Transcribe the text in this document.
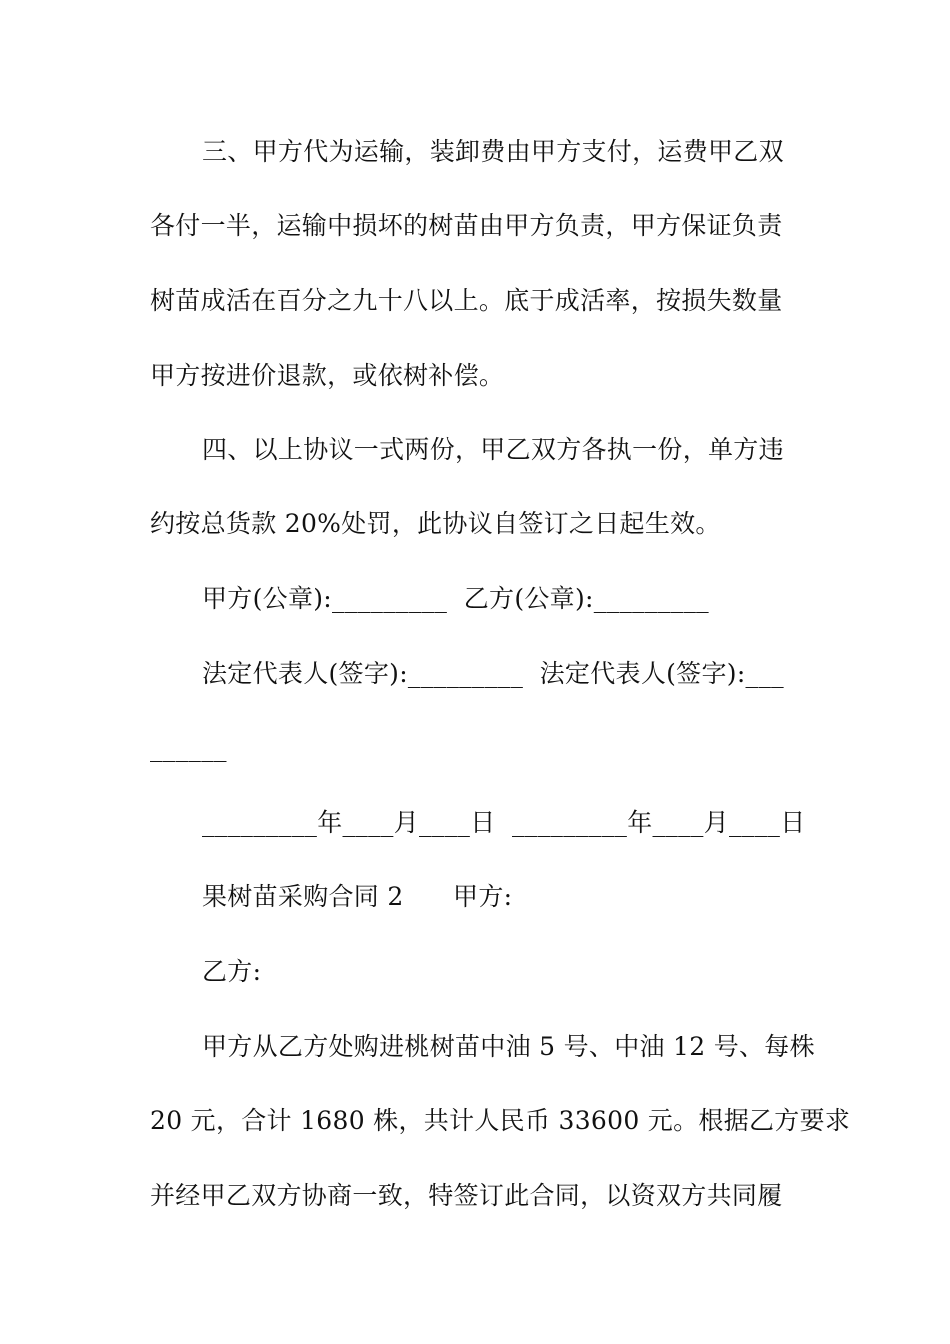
三、甲方代为运输，装卸费由甲方支付，运费甲乙双
各付一半，运输中损坏的树苗由甲方负责，甲方保证负责
树苗成活在百分之九十八以上。底于成活率，按损失数量
甲方按进价退款，或依树补偿。
四、以上协议一式两份，甲乙双方各执一份，单方违
约按总货款 20%处罚，此协议自签订之日起生效。
甲方(公章):_________  乙方(公章):_________
法定代表人(签字):_________  法定代表人(签字):___
______
_________年____月____日  _________年____月____日
果树苗采购合同 2      甲方:
乙方:
甲方从乙方处购进桃树苗中油 5 号、中油 12 号、每株
20 元，合计 1680 株，共计人民币 33600 元。根据乙方要求
并经甲乙双方协商一致，特签订此合同，以资双方共同履
